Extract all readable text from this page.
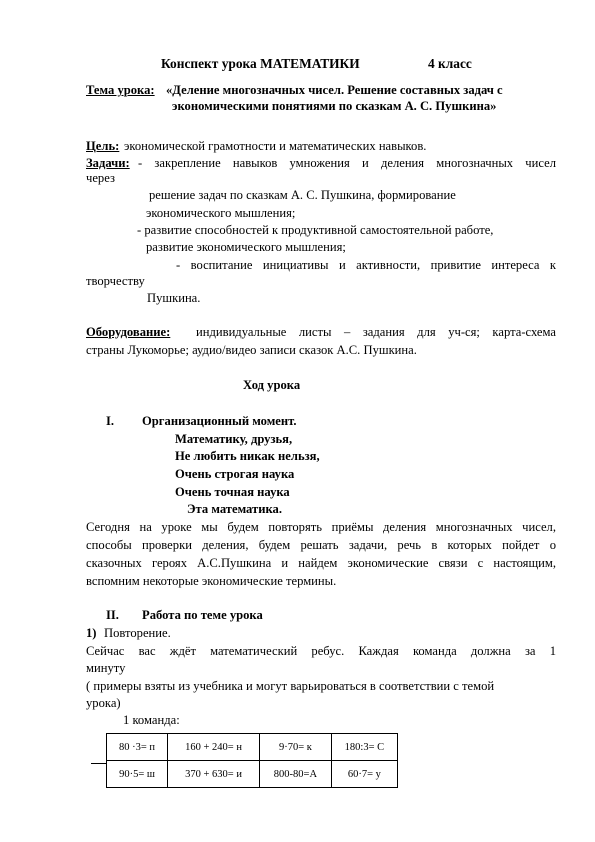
Конспект урока МАТЕМАТИКИ	4 класс
Тема урока: «Деление многозначных чисел. Решение составных задач с
экономическими понятиями по сказкам А. С. Пушкина»
Цель: экономической грамотности и математических навыков.
Задачи: - закрепление навыков умножения и деления многозначных чисел
через
решение задач по сказкам А. С. Пушкина, формирование
экономического мышления;
- развитие способностей к продуктивной самостоятельной работе,
развитие экономического мышления;
- воспитание инициативы и активности, привитие интереса к
творчеству
Пушкина.
Оборудование: индивидуальные листы – задания для уч-ся; карта-схема
страны Лукоморье; аудио/видео записи сказок А.С. Пушкина.
Ход урока
I. Организационный момент.
Математику, друзья,
Не любить никак нельзя,
Очень строгая наука
Очень точная наука
Эта математика.
Сегодня на уроке мы будем повторять приёмы деления многозначных чисел,
способы проверки деления, будем решать задачи, речь в которых пойдет о
сказочных героях А.С.Пушкина и найдем экономические связи с настоящим,
вспомним некоторые экономические термины.
II. Работа по теме урока
1) Повторение.
Сейчас вас ждёт математический ребус. Каждая команда должна за 1
минуту
( примеры взяты из учебника и могут варьироваться в соответствии с темой
урока)
1 команда:
80 ·3= п	160 + 240= н	9·70= к	180:3= С
90·5= ш	370 + 630= и	800-80=А	60·7= у
